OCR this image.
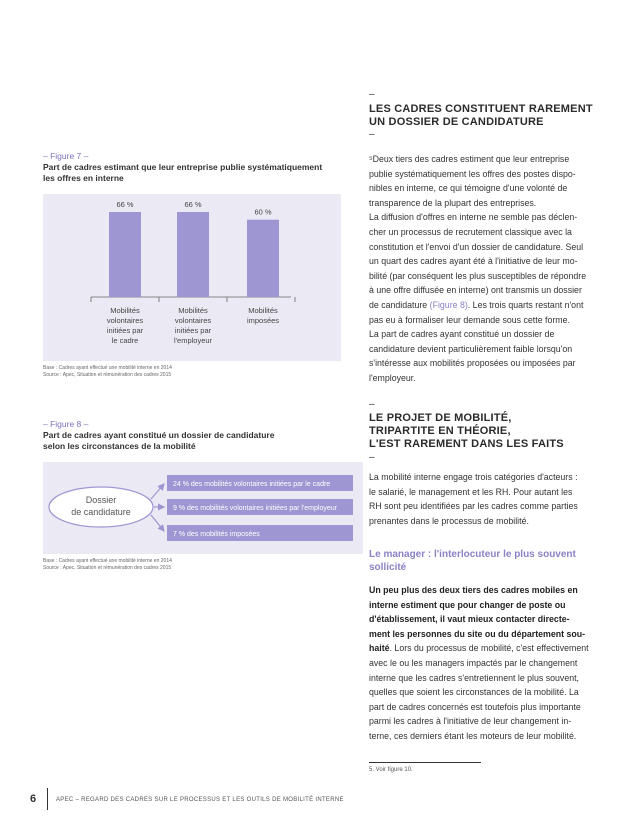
– Figure 7 –
Part de cadres estimant que leur entreprise publie systématiquement
les offres en interne
66 %
Mobilités
volontaires
initiées par
le cadre
66 %
Mobilités
volontaires
initiées par
l'employeur
60 %
Mobilités
imposées
Base : Cadres ayant effectué une mobilité interne en 2014
Source : Apec, Situation et rémunération des cadres 2015
– Figure 8 –
Part de cadres ayant constitué un dossier de candidature
selon les circonstances de la mobilité
Dossier
de candidature
24 % des mobilités volontaires initiées par le cadre
9 % des mobilités volontaires initiées par l'employeur
7 % des mobilités imposées
Base : Cadres ayant effectué une mobilité interne en 2014
Source : Apec, Situation et rémunération des cadres 2015
–
LES CADRES CONSTITUENT RAREMENT
UN DOSSIER DE CANDIDATURE
–
⁵Deux tiers des cadres estiment que leur entreprise
publie systématiquement les offres des postes dispo-
nibles en interne, ce qui témoigne d'une volonté de
transparence de la plupart des entreprises.
La diffusion d'offres en interne ne semble pas déclen-
cher un processus de recrutement classique avec la
constitution et l'envoi d'un dossier de candidature. Seul
un quart des cadres ayant été à l'initiative de leur mo-
bilité (par conséquent les plus susceptibles de répondre
à une offre diffusée en interne) ont transmis un dossier
de candidature (Figure 8). Les trois quarts restant n'ont
pas eu à formaliser leur demande sous cette forme.
La part de cadres ayant constitué un dossier de
candidature devient particulièrement faible lorsqu'on
s'intéresse aux mobilités proposées ou imposées par
l'employeur.
–
LE PROJET DE MOBILITÉ,
TRIPARTITE EN THÉORIE,
L'EST RAREMENT DANS LES FAITS
–
La mobilité interne engage trois catégories d'acteurs :
le salarié, le management et les RH. Pour autant les
RH sont peu identifiées par les cadres comme parties
prenantes dans le processus de mobilité.
Le manager : l'interlocuteur le plus souvent
sollicité
Un peu plus des deux tiers des cadres mobiles en
interne estiment que pour changer de poste ou
d'établissement, il vaut mieux contacter directe-
ment les personnes du site ou du département sou-
haité. Lors du processus de mobilité, c'est effectivement
avec le ou les managers impactés par le changement
interne que les cadres s'entretiennent le plus souvent,
quelles que soient les circonstances de la mobilité. La
part de cadres concernés est toutefois plus importante
parmi les cadres à l'initiative de leur changement in-
terne, ces derniers étant les moteurs de leur mobilité.
5. Voir figure 10.
6	APEC – REGARD DES CADRES SUR LE PROCESSUS ET LES OUTILS DE MOBILITÉ INTERNE
